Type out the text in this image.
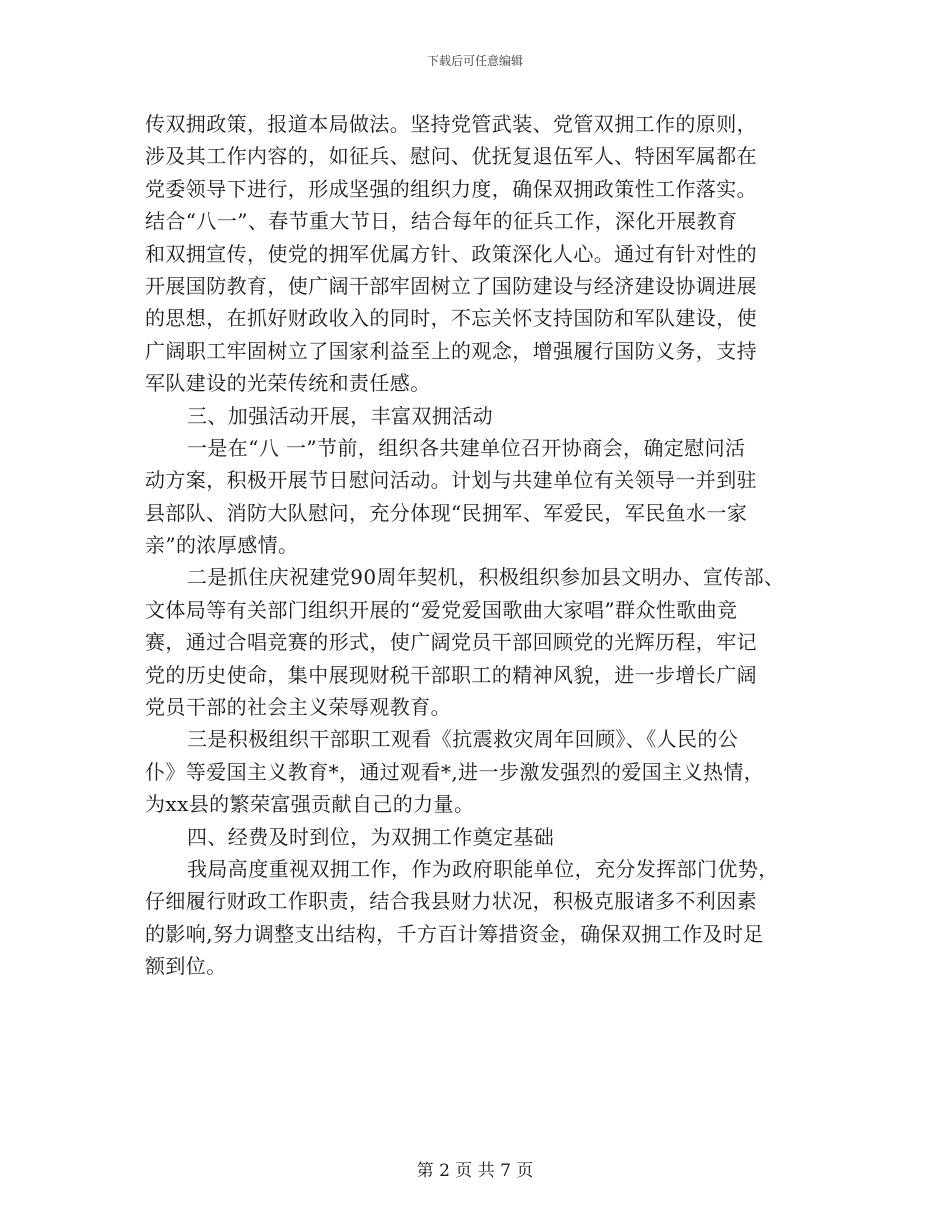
下载后可任意编辑
传双拥政策，报道本局做法。坚持党管武装、党管双拥工作的原则，
涉及其工作内容的，如征兵、慰问、优抚复退伍军人、特困军属都在
党委领导下进行，形成坚强的组织力度，确保双拥政策性工作落实。
结合“八一”、春节重大节日，结合每年的征兵工作，深化开展教育
和双拥宣传，使党的拥军优属方针、政策深化人心。通过有针对性的
开展国防教育，使广阔干部牢固树立了国防建设与经济建设协调进展
的思想，在抓好财政收入的同时，不忘关怀支持国防和军队建设，使
广阔职工牢固树立了国家利益至上的观念，增强履行国防义务，支持
军队建设的光荣传统和责任感。
三、加强活动开展，丰富双拥活动
一是在“八 一”节前，组织各共建单位召开协商会，确定慰问活
动方案，积极开展节日慰问活动。计划与共建单位有关领导一并到驻
县部队、消防大队慰问，充分体现“民拥军、军爱民，军民鱼水一家
亲”的浓厚感情。
二是抓住庆祝建党90周年契机，积极组织参加县文明办、宣传部、
文体局等有关部门组织开展的“爱党爱国歌曲大家唱”群众性歌曲竞
赛，通过合唱竞赛的形式，使广阔党员干部回顾党的光辉历程，牢记
党的历史使命，集中展现财税干部职工的精神风貌，进一步增长广阔
党员干部的社会主义荣辱观教育。
三是积极组织干部职工观看《抗震救灾周年回顾》、《人民的公
仆》等爱国主义教育*，通过观看*,进一步激发强烈的爱国主义热情，
为xx县的繁荣富强贡献自己的力量。
四、经费及时到位，为双拥工作奠定基础
我局高度重视双拥工作，作为政府职能单位，充分发挥部门优势，
仔细履行财政工作职责，结合我县财力状况，积极克服诸多不利因素
的影响,努力调整支出结构，千方百计筹措资金，确保双拥工作及时足
额到位。
第 2 页 共 7 页
